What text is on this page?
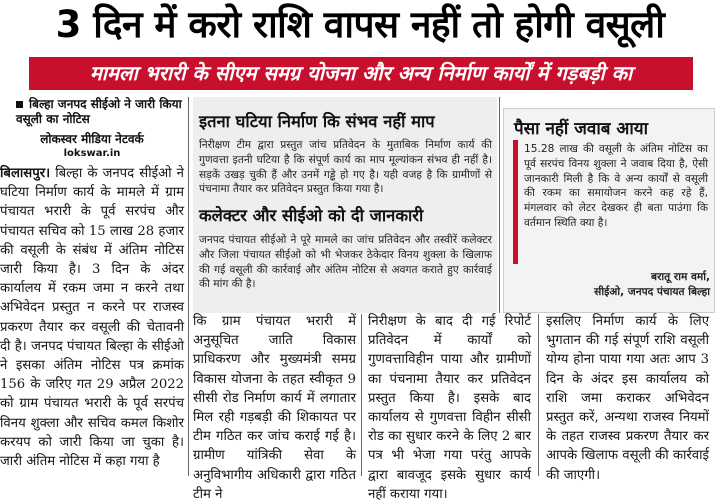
3 दिन में करो राशि वापस नहीं तो होगी वसूली
मामला भरारी के सीएम समग्र योजना और अन्य निर्माण कार्यों में गड़बड़ी का
बिल्हा जनपद सीईओ ने जारी किया वसूली का नोटिस
लोकस्वर मीडिया नेटवर्क
lokswar.in
बिलासपुर। बिल्हा के जनपद सीईओ ने घटिया निर्माण कार्य के मामले में ग्राम पंचायत भरारी के पूर्व सरपंच और पंचायत सचिव को 15 लाख 28 हजार की वसूली के संबंध में अंतिम नोटिस जारी किया है। 3 दिन के अंदर कार्यालय में रकम जमा न करने तथा अभिवेदन प्रस्तुत न करने पर राजस्व प्रकरण तैयार कर वसूली की चेतावनी दी है। जनपद पंचायत बिल्हा के सीईओ ने इसका अंतिम नोटिस पत्र क्रमांक 156 के जरिए गत 29 अप्रैल 2022 को ग्राम पंचायत भरारी के पूर्व सरपंच विनय शुक्ला और सचिव कमल किशोर करयप को जारी किया जा चुका है। जारी अंतिम नोटिस में कहा गया है
इतना घटिया निर्माण कि संभव नहीं माप
निरीक्षण टीम द्वारा प्रस्तुत जांच प्रतिवेदन के मुताबिक निर्माण कार्य की गुणवत्ता इतनी घटिया है कि संपूर्ण कार्य का माप मूल्यांकन संभव ही नहीं है। सड़कें उखड़ चुकी हैं और उनमें गड्ढे हो गए है। यही वजह है कि ग्रामीणों से पंचनामा तैयार कर प्रतिवेदन प्रस्तुत किया गया है।
कलेक्टर और सीईओ को दी जानकारी
जनपद पंचायत सीईओ ने पूरे मामले का जांच प्रतिवेदन और तस्वीरें कलेक्टर और जिला पंचायत सीईओ को भी भेजकर ठेकेदार विनय शुक्ला के खिलाफ की गई वसूली की कार्रवाई और अंतिम नोटिस से अवगत कराते हुए कार्रवाई की मांग की है।
पैसा नहीं जवाब आया
15.28 लाख की वसूली के अंतिम नोटिस का पूर्व सरपंच विनय शुक्ला ने जवाब दिया है, ऐसी जानकारी मिली है कि वे अन्य कार्यों से वसूली की रकम का समायोजन करने कह रहे हैं, मंगलवार को लेटर देखकर ही बता पाउंगा कि वर्तमान स्थिति क्या है।
बरातू राम वर्मा,
सीईओ, जनपद पंचायत बिल्हा
कि ग्राम पंचायत भरारी में अनुसूचित जाति विकास प्राधिकरण और मुख्यमंत्री समग्र विकास योजना के तहत स्वीकृत 9 सीसी रोड निर्माण कार्य में लगातार मिल रही गड़बड़ी की शिकायत पर टीम गठित कर जांच कराई गई है। ग्रामीण यांत्रिकी सेवा के अनुविभागीय अधिकारी द्वारा गठित टीम ने
निरीक्षण के बाद दी गई रिपोर्ट प्रतिवेदन में कार्यों को गुणवत्ताविहीन पाया और ग्रामीणों का पंचनामा तैयार कर प्रतिवेदन प्रस्तुत किया है। इसके बाद कार्यालय से गुणवत्ता विहीन सीसी रोड का सुधार करने के लिए 2 बार पत्र भी भेजा गया परंतु आपके द्वारा बावजूद इसके सुधार कार्य नहीं कराया गया।
इसलिए निर्माण कार्य के लिए भुगतान की गई संपूर्ण राशि वसूली योग्य होना पाया गया अतः आप 3 दिन के अंदर इस कार्यालय को राशि जमा कराकर अभिवेदन प्रस्तुत करें, अन्यथा राजस्व नियमों के तहत राजस्व प्रकरण तैयार कर आपके खिलाफ वसूली की कार्रवाई की जाएगी।
